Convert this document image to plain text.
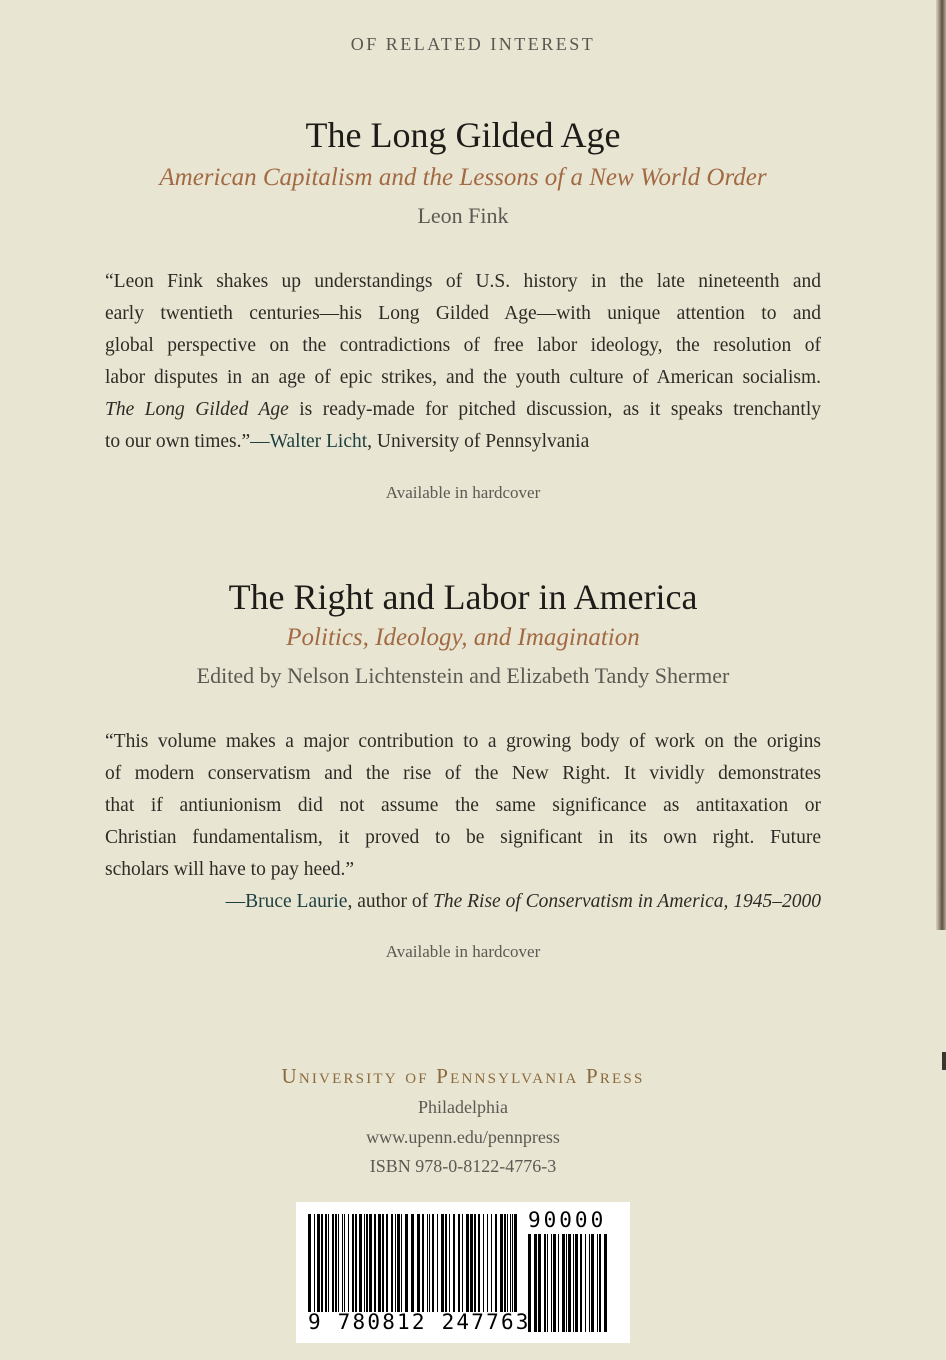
OF RELATED INTEREST
The Long Gilded Age
American Capitalism and the Lessons of a New World Order
Leon Fink
“Leon Fink shakes up understandings of U.S. history in the late nineteenth and
early twentieth centuries—his Long Gilded Age—with unique attention to and
global perspective on the contradictions of free labor ideology, the resolution of
labor disputes in an age of epic strikes, and the youth culture of American socialism.
The Long Gilded Age is ready-made for pitched discussion, as it speaks trenchantly
to our own times.”—Walter Licht, University of Pennsylvania
Available in hardcover
The Right and Labor in America
Politics, Ideology, and Imagination
Edited by Nelson Lichtenstein and Elizabeth Tandy Shermer
“This volume makes a major contribution to a growing body of work on the origins
of modern conservatism and the rise of the New Right. It vividly demonstrates
that if antiunionism did not assume the same significance as antitaxation or
Christian fundamentalism, it proved to be significant in its own right. Future
scholars will have to pay heed.”
—Bruce Laurie, author of The Rise of Conservatism in America, 1945–2000
Available in hardcover
University of Pennsylvania Press
Philadelphia
www.upenn.edu/pennpress
ISBN 978-0-8122-4776-3
9 780812 247763
90000
